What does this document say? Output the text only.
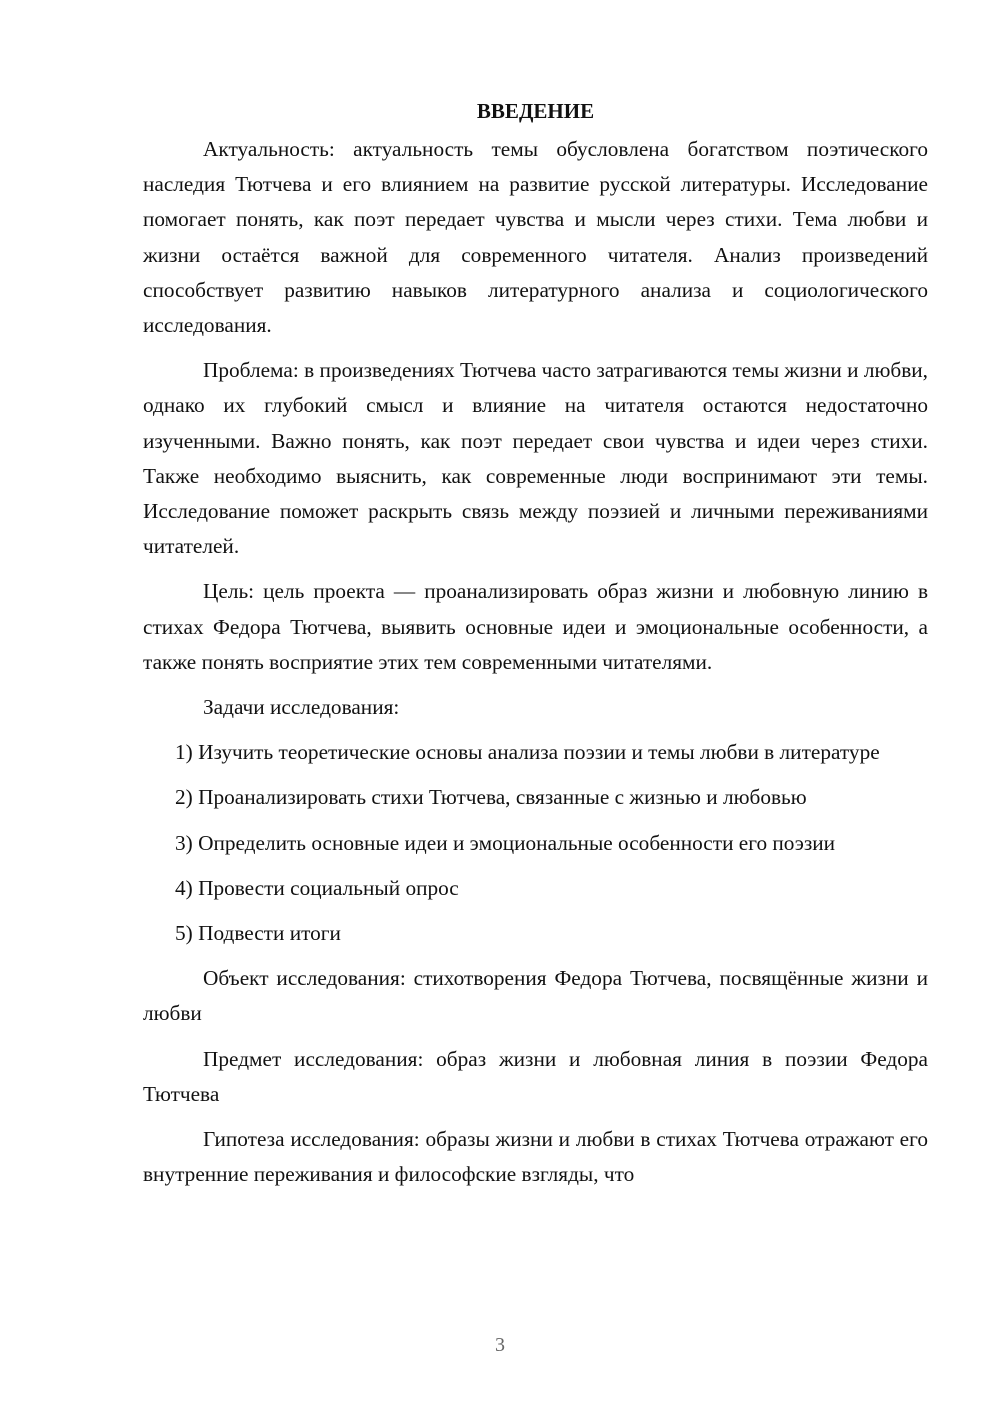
ВВЕДЕНИЕ

Актуальность: актуальность темы обусловлена богатством поэтического наследия Тютчева и его влиянием на развитие русской литературы. Исследование помогает понять, как поэт передает чувства и мысли через стихи. Тема любви и жизни остаётся важной для современного читателя. Анализ произведений способствует развитию навыков литературного анализа и социологического исследования.

Проблема: в произведениях Тютчева часто затрагиваются темы жизни и любви, однако их глубокий смысл и влияние на читателя остаются недостаточно изученными. Важно понять, как поэт передает свои чувства и идеи через стихи. Также необходимо выяснить, как современные люди воспринимают эти темы. Исследование поможет раскрыть связь между поэзией и личными переживаниями читателей.

Цель: цель проекта — проанализировать образ жизни и любовную линию в стихах Федора Тютчева, выявить основные идеи и эмоциональные особенности, а также понять восприятие этих тем современными читателями.

Задачи исследования:

1) Изучить теоретические основы анализа поэзии и темы любви в литературе

2) Проанализировать стихи Тютчева, связанные с жизнью и любовью

3) Определить основные идеи и эмоциональные особенности его поэзии

4) Провести социальный опрос

5) Подвести итоги

Объект исследования: стихотворения Федора Тютчева, посвящённые жизни и любви

Предмет исследования: образ жизни и любовная линия в поэзии Федора Тютчева

Гипотеза исследования: образы жизни и любви в стихах Тютчева отражают его внутренние переживания и философские взгляды, что

3
